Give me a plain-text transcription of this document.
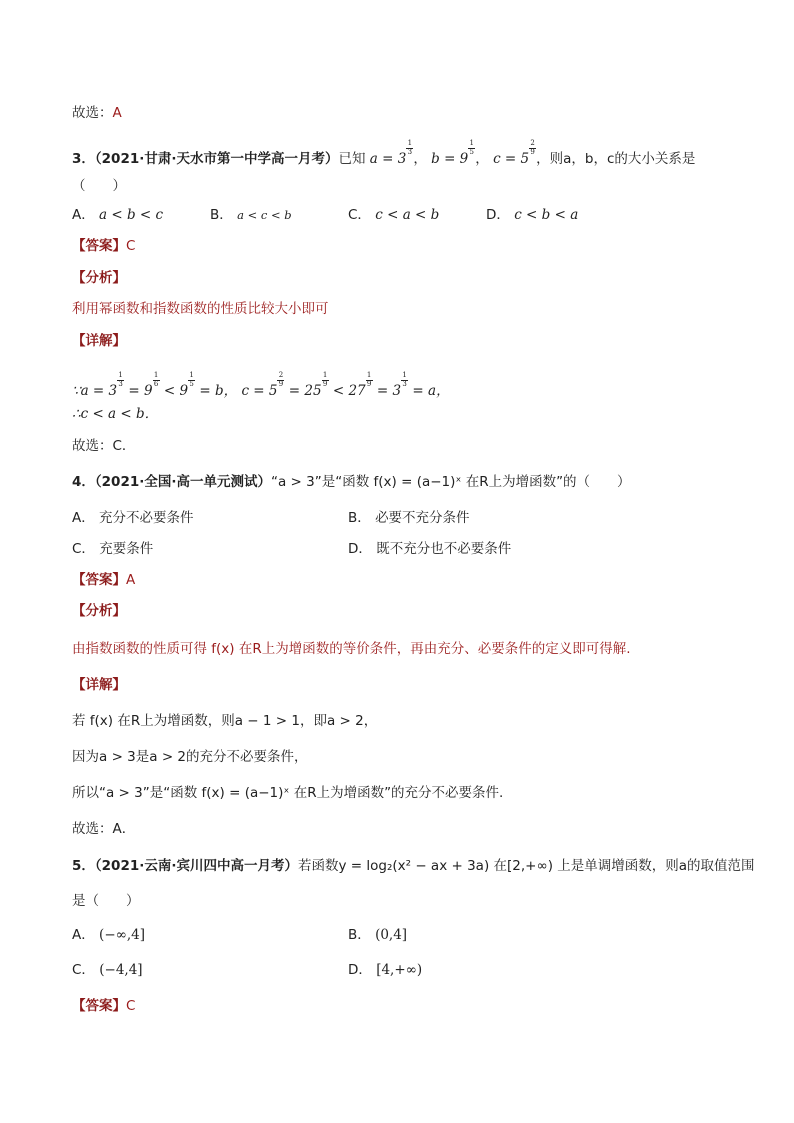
故选：A
3．（2021·甘肃·天水市第一中学高一月考）已知 a = 3
$^{\frac{1}{3}}$
， b = 9
$^{\frac{1}{5}}$
， c = 5
$^{\frac{2}{9}}$
，则a，b，c的大小关系是
（　　）
A． a < b < c	B． a < c < b	C． c < a < b	D． c < b < a
【答案】C
【分析】
利用幂函数和指数函数的性质比较大小即可
【详解】
∵a = 3
$^{\frac{1}{3}}$
= 9
$^{\frac{1}{6}}$
< 9
$^{\frac{1}{5}}$
= b， c = 5
$^{\frac{2}{9}}$
= 25
$^{\frac{1}{9}}$
< 27
$^{\frac{1}{9}}$
= 3
$^{\frac{1}{3}}$
= a，
∴c < a < b．
故选：C．
4．（2021·全国·高一单元测试）“a > 3”是“函数 f(x) = (a−1)ˣ 在R上为增函数”的（　　）
A． 充分不必要条件	B． 必要不充分条件
C． 充要条件	D． 既不充分也不必要条件
【答案】A
【分析】
由指数函数的性质可得 f(x) 在R上为增函数的等价条件，再由充分、必要条件的定义即可得解.
【详解】
若 f(x) 在R上为增函数，则a − 1 > 1，即a > 2，
因为a > 3是a > 2的充分不必要条件，
所以“a > 3”是“函数 f(x) = (a−1)ˣ 在R上为增函数”的充分不必要条件.
故选：A．
5．（2021·云南·宾川四中高一月考）若函数y = log₂(x² − ax + 3a) 在[2,+∞) 上是单调增函数，则a的取值范围
是（　　）
A． (−∞,4]	B． (0,4]
C． (−4,4]	D． [4,+∞)
【答案】C
